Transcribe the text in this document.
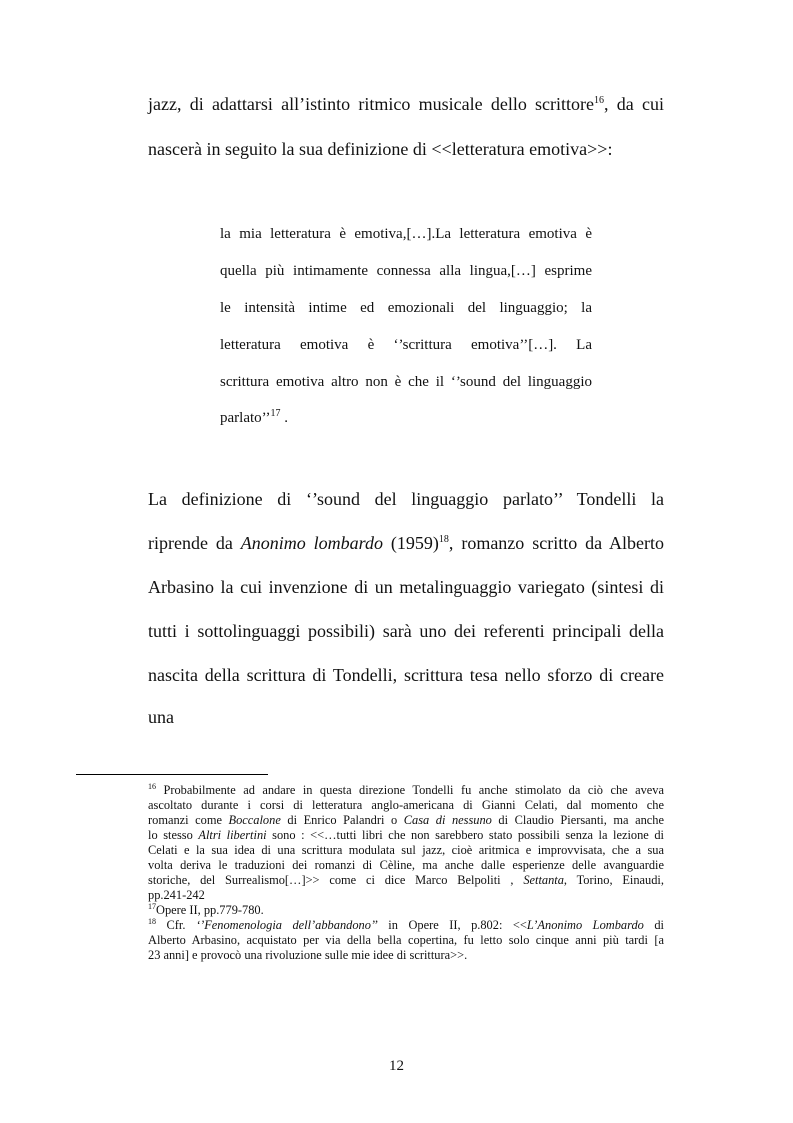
jazz, di adattarsi all’istinto ritmico musicale dello scrittore$^{16}$, da cui
nascerà in seguito la sua definizione di <<letteratura emotiva>>:
la mia letteratura è emotiva,[…].La letteratura emotiva è
quella più intimamente connessa alla lingua,[…] esprime
le intensità intime ed emozionali del linguaggio; la
letteratura emotiva è ‘’scrittura emotiva’’[…]. La
scrittura emotiva altro non è che il ‘’sound del linguaggio
parlato’’$^{17}$ .
La definizione di ‘’sound del linguaggio parlato’’ Tondelli la
riprende da Anonimo lombardo $(1959)^{18}$, romanzo scritto da Alberto
Arbasino la cui invenzione di un metalinguaggio variegato (sintesi di
tutti i sottolinguaggi possibili) sarà uno dei referenti principali della
nascita della scrittura di Tondelli, scrittura tesa nello sforzo di creare
una
$^{16}$ Probabilmente ad andare in questa direzione Tondelli fu anche stimolato da ciò che aveva
ascoltato durante i corsi di letteratura anglo-americana di Gianni Celati, dal momento che
romanzi come Boccalone di Enrico Palandri o Casa di nessuno di Claudio Piersanti, ma anche
lo stesso Altri libertini sono : <<…tutti libri che non sarebbero stato possibili senza la lezione di
Celati e la sua idea di una scrittura modulata sul jazz, cioè aritmica e improvvisata, che a sua
volta deriva le traduzioni dei romanzi di Cèline, ma anche dalle esperienze delle avanguardie
storiche, del Surrealismo[…]>> come ci dice Marco Belpoliti , Settanta, Torino, Einaudi,
pp.241-242
$^{17}$Opere II, pp.779-780.
$^{18}$ Cfr. ‘’Fenomenologia dell’abbandono’’ in Opere II, p.802: <<L’Anonimo Lombardo di
Alberto Arbasino, acquistato per via della bella copertina, fu letto solo cinque anni più tardi [a
23 anni] e provocò una rivoluzione sulle mie idee di scrittura>>.
12
